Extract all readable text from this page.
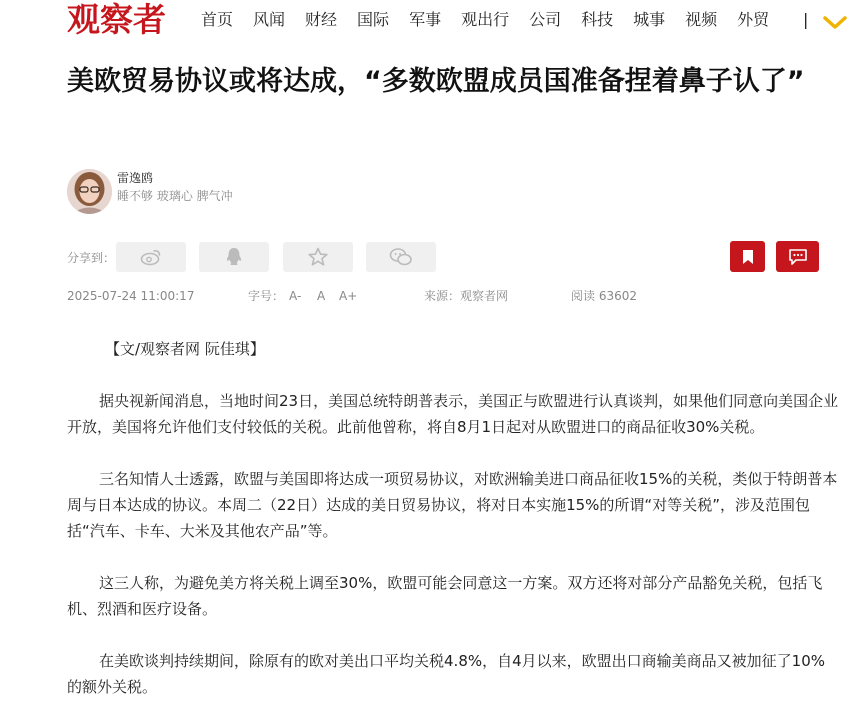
观察者 首页 风闻 财经 国际 军事 观出行 公司 科技 城事 视频 外贸 |
美欧贸易协议或将达成，“多数欧盟成员国准备捏着鼻子认了”
雷逸鸥
睡不够 玻璃心 脾气冲
分享到：
2025-07-24 11:00:17	字号： A- A A+	来源：观察者网	阅读 63602

【文/观察者网 阮佳琪】

据央视新闻消息，当地时间23日，美国总统特朗普表示，美国正与欧盟进行认真谈判，如果他们同意向美国企业开放，美国将允许他们支付较低的关税。此前他曾称，将自8月1日起对从欧盟进口的商品征收30%关税。

三名知情人士透露，欧盟与美国即将达成一项贸易协议，对欧洲输美进口商品征收15%的关税，类似于特朗普本周与日本达成的协议。本周二（22日）达成的美日贸易协议，将对日本实施15%的所谓“对等关税”，涉及范围包括“汽车、卡车、大米及其他农产品”等。

这三人称，为避免美方将关税上调至30%，欧盟可能会同意这一方案。双方还将对部分产品豁免关税，包括飞机、烈酒和医疗设备。

在美欧谈判持续期间，除原有的欧对美出口平均关税4.8%，自4月以来，欧盟出口商输美商品又被加征了10%的额外关税。
